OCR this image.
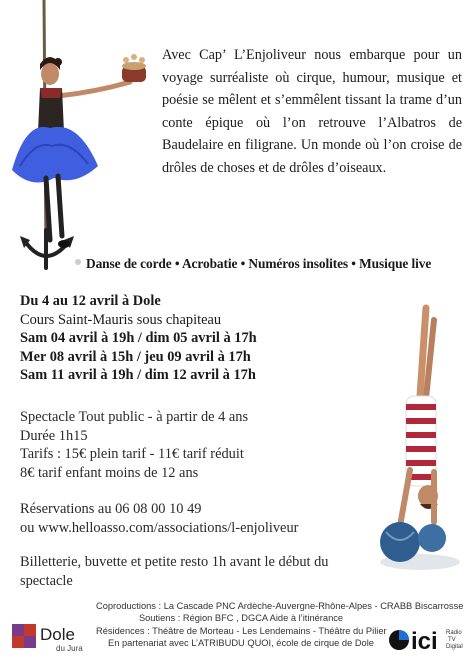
Avec Cap’ L’Enjoliveur nous embarque pour un voyage surréaliste où cirque, humour, musique et poésie se mêlent et s’emmêlent tissant la trame d’un conte épique où l’on retrouve l’Albatros de Baudelaire en filigrane. Un monde où l’on croise de drôles de choses et de drôles d’oiseaux.
Danse de corde • Acrobatie • Numéros insolites • Musique live
Du 4 au 12 avril à Dole
Cours Saint-Mauris sous chapiteau
Sam 04 avril à 19h / dim 05 avril à 17h
Mer 08 avril à 15h / jeu 09 avril à 17h
Sam 11 avril à 19h / dim 12 avril à 17h
Spectacle Tout public - à partir de 4 ans
Durée 1h15
Tarifs : 15€ plein tarif - 11€ tarif réduit
8€ tarif enfant moins de 12 ans
Réservations au 06 08 00 10 49
ou www.helloasso.com/associations/l-enjoliveur
Billetterie, buvette et petite resto 1h avant le début du spectacle
Coproductions : La Cascade PNC Ardèche-Auvergne-Rhône-Alpes - CRABB Biscarrosse
Soutiens : Région BFC , DGCA Aide à l’itinérance
Résidences : Théâtre de Morteau - Les Lendemains - Théâtre du Pilier
En partenariat avec L’ATRIBUDU QUOI, école de cirque de Dole
Dole
du Jura	ici Radio
TV
Digital
